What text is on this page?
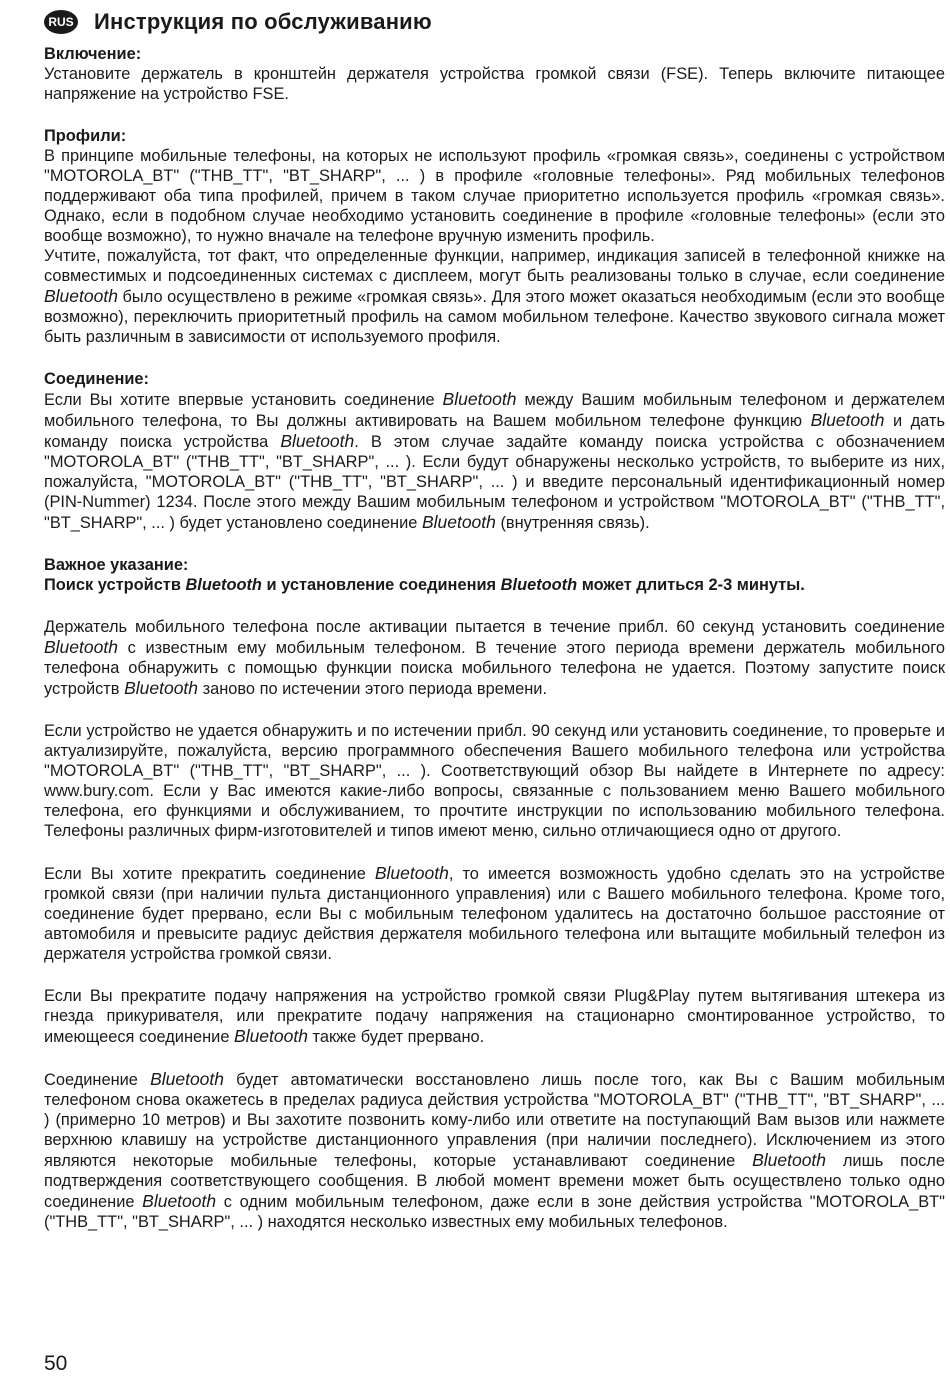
RUS Инструкция по обслуживанию
Включение:

Установите держатель в кронштейн держателя устройства громкой связи (FSE). Теперь включите питающее напряжение на устройство FSE.

Профили:

В принципе мобильные телефоны, на которых не используют профиль «громкая связь», соединены с устройством "MOTOROLA_BT" ("THB_TT", "BT_SHARP", ... ) в профиле «головные телефоны». Ряд мобильных телефонов поддерживают оба типа профилей, причем в таком случае приоритетно используется профиль «громкая связь». Однако, если в подобном случае необходимо установить соединение в профиле «головные телефоны» (если это вообще возможно), то нужно вначале на телефоне вручную изменить профиль.

Учтите, пожалуйста, тот факт, что определенные функции, например, индикация записей в телефонной книжке на совместимых и подсоединенных системах с дисплеем, могут быть реализованы только в случае, если соединение Bluetooth было осуществлено в режиме «громкая связь». Для этого может оказаться необходимым (если это вообще возможно), переключить приоритетный профиль на самом мобильном телефоне. Качество звукового сигнала может быть различным в зависимости от используемого профиля.

Соединение:

Если Вы хотите впервые установить соединение Bluetooth между Вашим мобильным телефоном и держателем мобильного телефона, то Вы должны активировать на Вашем мобильном телефоне функцию Bluetooth и дать команду поиска устройства Bluetooth. В этом случае задайте команду поиска устройства с обозначением "MOTOROLA_BT" ("THB_TT", "BT_SHARP", ... ). Если будут обнаружены несколько устройств, то выберите из них, пожалуйста, "MOTOROLA_BT" ("THB_TT", "BT_SHARP", ... ) и введите персональный идентификационный номер (PIN-Nummer) 1234. После этого между Вашим мобильным телефоном и устройством "MOTOROLA_BT" ("THB_TT", "BT_SHARP", ... ) будет установлено соединение Bluetooth (внутренняя связь).

Важное указание:

Поиск устройств Bluetooth и установление соединения Bluetooth может длиться 2-3 минуты.

Держатель мобильного телефона после активации пытается в течение прибл. 60 секунд установить соединение Bluetooth с известным ему мобильным телефоном. В течение этого периода времени держатель мобильного телефона обнаружить с помощью функции поиска мобильного телефона не удается. Поэтому запустите поиск устройств Bluetooth заново по истечении этого периода времени.

Если устройство не удается обнаружить и по истечении прибл. 90 секунд или установить соединение, то проверьте и актуализируйте, пожалуйста, версию программного обеспечения Вашего мобильного телефона или устройства "MOTOROLA_BT" ("THB_TT", "BT_SHARP", ... ). Соответствующий обзор Вы найдете в Интернете по адресу: www.bury.com. Если у Вас имеются какие-либо вопросы, связанные с пользованием меню Вашего мобильного телефона, его функциями и обслуживанием, то прочтите инструкции по использованию мобильного телефона. Телефоны различных фирм-изготовителей и типов имеют меню, сильно отличающиеся одно от другого.

Если Вы хотите прекратить соединение Bluetooth, то имеется возможность удобно сделать это на устройстве громкой связи (при наличии пульта дистанционного управления) или с Вашего мобильного телефона. Кроме того, соединение будет прервано, если Вы с мобильным телефоном удалитесь на достаточно большое расстояние от автомобиля и превысите радиус действия держателя мобильного телефона или вытащите мобильный телефон из держателя устройства громкой связи.

Если Вы прекратите подачу напряжения на устройство громкой связи Plug&Play путем вытягивания штекера из гнезда прикуривателя, или прекратите подачу напряжения на стационарно смонтированное устройство, то имеющееся соединение Bluetooth также будет прервано.

Соединение Bluetooth будет автоматически восстановлено лишь после того, как Вы с Вашим мобильным телефоном снова окажетесь в пределах радиуса действия устройства "MOTOROLA_BT" ("THB_TT", "BT_SHARP", ... ) (примерно 10 метров) и Вы захотите позвонить кому-либо или ответите на поступающий Вам вызов или нажмете верхнюю клавишу на устройстве дистанционного управления (при наличии последнего). Исключением из этого являются некоторые мобильные телефоны, которые устанавливают соединение Bluetooth лишь после подтверждения соответствующего сообщения. В любой момент времени может быть осуществлено только одно соединение Bluetooth с одним мобильным телефоном, даже если в зоне действия устройства "MOTOROLA_BT" ("THB_TT", "BT_SHARP", ... ) находятся несколько известных ему мобильных телефонов.

50
